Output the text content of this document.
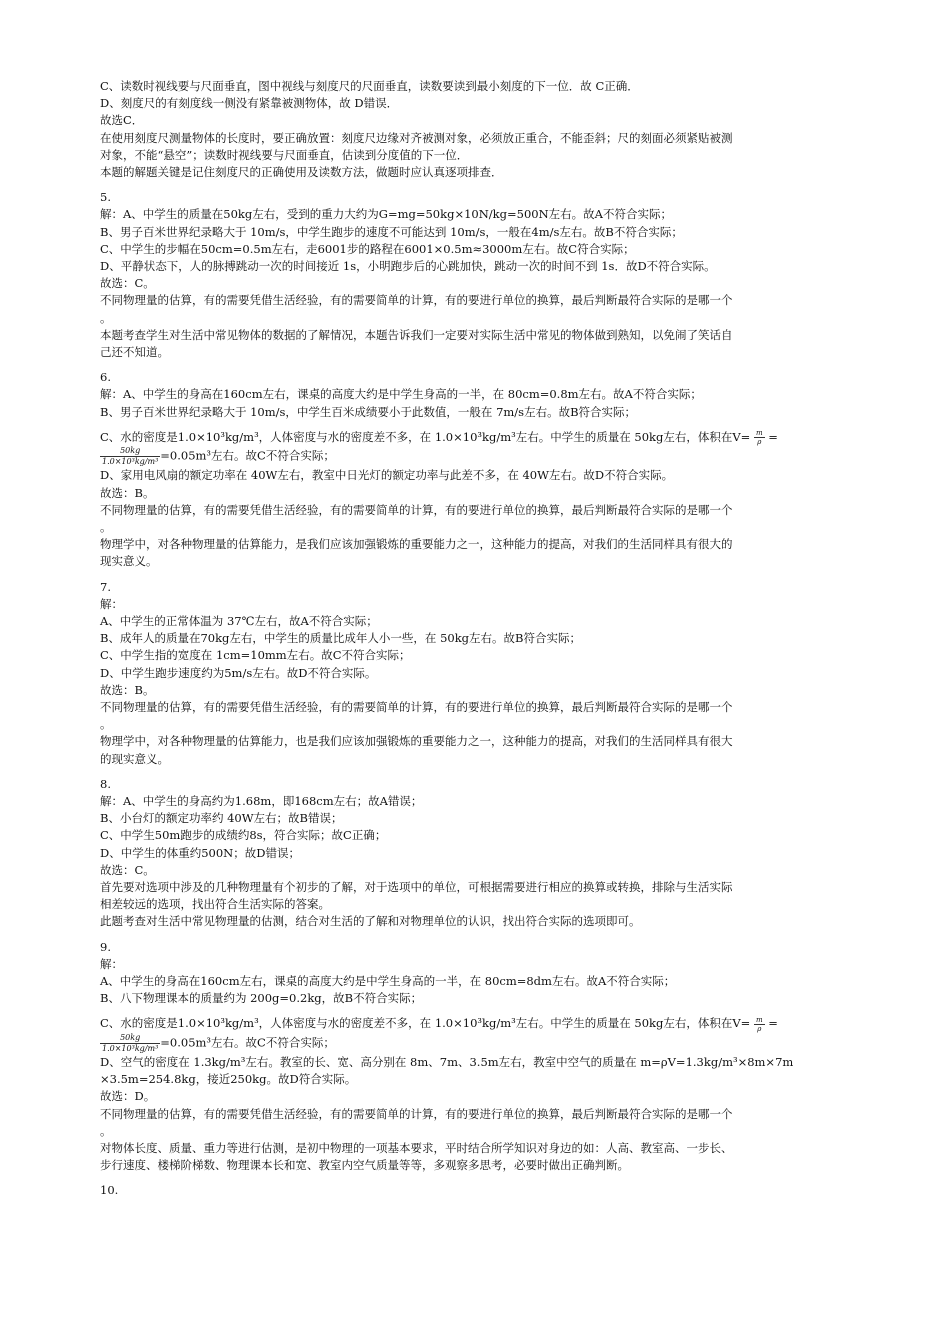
C、读数时视线要与尺面垂直，图中视线与刻度尺的尺面垂直，读数要读到最小刻度的下一位．故 C正确．
D、刻度尺的有刻度线一侧没有紧靠被测物体，故 D错误．
故选C．
在使用刻度尺测量物体的长度时，要正确放置：刻度尺边缘对齐被测对象，必须放正重合，不能歪斜；尺的刻面必须紧贴被测
对象，不能“悬空”；读数时视线要与尺面垂直，估读到分度值的下一位．
本题的解题关键是记住刻度尺的正确使用及读数方法，做题时应认真逐项排查．
5.
解：A、中学生的质量在50kg左右，受到的重力大约为G=mg=50kg×10N/kg=500N左右。故A不符合实际；
B、男子百米世界纪录略大于 10m/s，中学生跑步的速度不可能达到 10m/s，一般在4m/s左右。故B不符合实际；
C、中学生的步幅在50cm=0.5m左右，走6001步的路程在6001×0.5m≈3000m左右。故C符合实际；
D、平静状态下，人的脉搏跳动一次的时间接近 1s，小明跑步后的心跳加快，跳动一次的时间不到 1s．故D不符合实际。
故选：C。
不同物理量的估算，有的需要凭借生活经验，有的需要简单的计算，有的要进行单位的换算，最后判断最符合实际的是哪一个
。
本题考查学生对生活中常见物体的数据的了解情况，本题告诉我们一定要对实际生活中常见的物体做到熟知，以免闹了笑话自
己还不知道。
6.
解：A、中学生的身高在160cm左右，课桌的高度大约是中学生身高的一半，在 80cm=0.8m左右。故A不符合实际；
B、男子百米世界纪录略大于 10m/s，中学生百米成绩要小于此数值，一般在 7m/s左右。故B符合实际；
C、水的密度是1.0×10³kg/m³，人体密度与水的密度差不多，在 1.0×10³kg/m³左右。中学生的质量在 50kg左右，体积在$V= \frac{m}{\rho}$ =
$\frac{50kg}{\text{1.0×10³kg/m³}} =0.05m^3$左右。故C不符合实际；
D、家用电风扇的额定功率在 40W左右，教室中日光灯的额定功率与此差不多，在 40W左右。故D不符合实际。
故选：B。
不同物理量的估算，有的需要凭借生活经验，有的需要简单的计算，有的要进行单位的换算，最后判断最符合实际的是哪一个
。
物理学中，对各种物理量的估算能力，是我们应该加强锻炼的重要能力之一，这种能力的提高，对我们的生活同样具有很大的
现实意义。
7.
解：
A、中学生的正常体温为 37℃左右，故A不符合实际；
B、成年人的质量在70kg左右，中学生的质量比成年人小一些，在 50kg左右。故B符合实际；
C、中学生指的宽度在 1cm=10mm左右。故C不符合实际；
D、中学生跑步速度约为5m/s左右。故D不符合实际。
故选：B。
不同物理量的估算，有的需要凭借生活经验，有的需要简单的计算，有的要进行单位的换算，最后判断最符合实际的是哪一个
。
物理学中，对各种物理量的估算能力，也是我们应该加强锻炼的重要能力之一，这种能力的提高，对我们的生活同样具有很大
的现实意义。
8.
解：A、中学生的身高约为1.68m，即168cm左右；故A错误；
B、小台灯的额定功率约 40W左右；故B错误；
C、中学生50m跑步的成绩约8s，符合实际；故C正确；
D、中学生的体重约500N；故D错误；
故选：C。
首先要对选项中涉及的几种物理量有个初步的了解，对于选项中的单位，可根据需要进行相应的换算或转换，排除与生活实际
相差较远的选项，找出符合生活实际的答案。
此题考查对生活中常见物理量的估测，结合对生活的了解和对物理单位的认识，找出符合实际的选项即可。
9.
解：
A、中学生的身高在160cm左右，课桌的高度大约是中学生身高的一半，在 80cm=8dm左右。故A不符合实际；
B、八下物理课本的质量约为 200g=0.2kg，故B不符合实际；
C、水的密度是1.0×10³kg/m³，人体密度与水的密度差不多，在 1.0×10³kg/m³左右。中学生的质量在 50kg左右，体积在$V= \frac{m}{\rho}$ =
$\frac{50kg}{\text{1.0×10³kg/m³}} =0.05m^3$左右。故C不符合实际；
D、空气的密度在 1.3kg/m³左右。教室的长、宽、高分别在 8m、7m、3.5m左右，教室中空气的质量在 m=ρV=1.3kg/m³×8m×7m
×3.5m=254.8kg，接近250kg。故D符合实际。
故选：D。
不同物理量的估算，有的需要凭借生活经验，有的需要简单的计算，有的要进行单位的换算，最后判断最符合实际的是哪一个
。
对物体长度、质量、重力等进行估测，是初中物理的一项基本要求，平时结合所学知识对身边的如：人高、教室高、一步长、
步行速度、楼梯阶梯数、物理课本长和宽、教室内空气质量等等，多观察多思考，必要时做出正确判断。
10.
